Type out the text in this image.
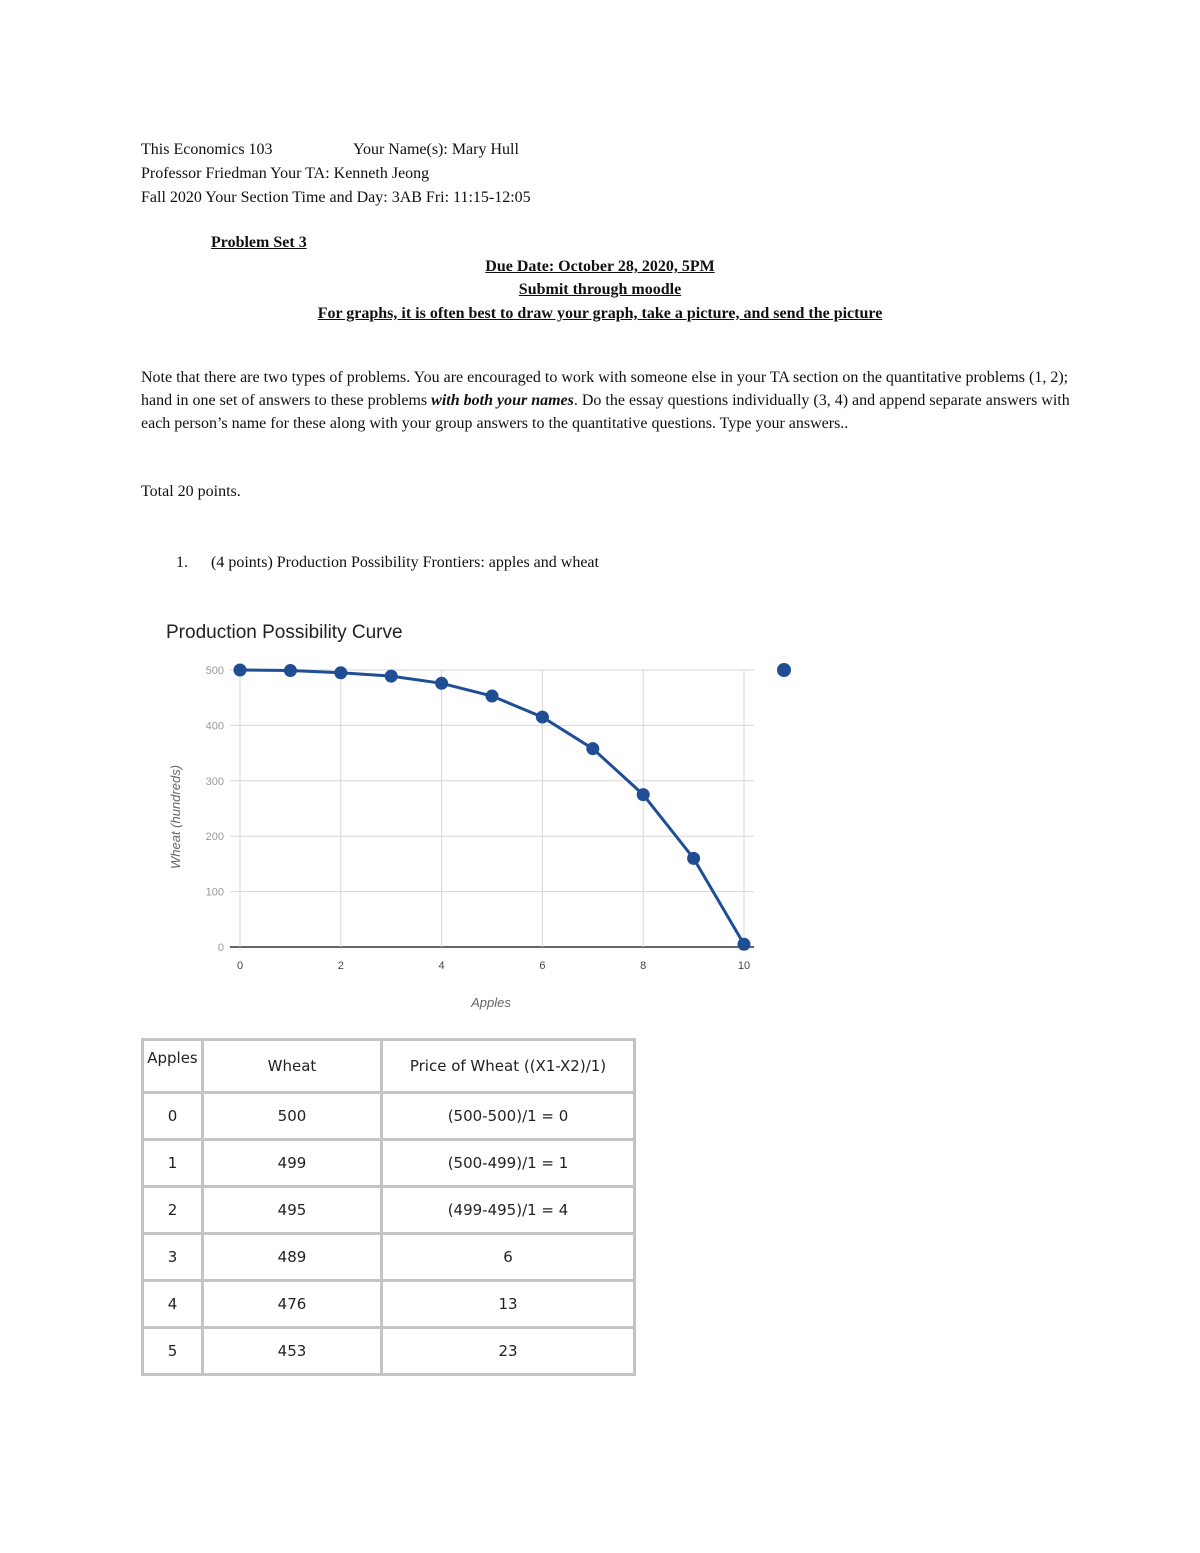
This Economics 103	Your Name(s): Mary Hull
Professor Friedman Your TA: Kenneth Jeong
Fall 2020 Your Section Time and Day: 3AB Fri: 11:15-12:05
Problem Set 3
Due Date: October 28, 2020, 5PM
Submit through moodle
For graphs, it is often best to draw your graph, take a picture, and send the picture
Note that there are two types of problems. You are encouraged to work with someone else in your TA section on the quantitative problems (1, 2); hand in one set of answers to these problems with both your names. Do the essay questions individually (3, 4) and append separate answers with each person’s name for these along with your group answers to the quantitative questions. Type your answers..
Total 20 points.
1. (4 points) Production Possibility Frontiers: apples and wheat
Production Possibility Curve
0
100
200
300
400
500
0	2	4	6	8	10
Apples
Wheat (hundreds)
Apples	Wheat	Price of Wheat ((X1-X2)/1)
0	500	(500-500)/1 = 0
1	499	(500-499)/1 = 1
2	495	(499-495)/1 = 4
3	489	6
4	476	13
5	453	23
